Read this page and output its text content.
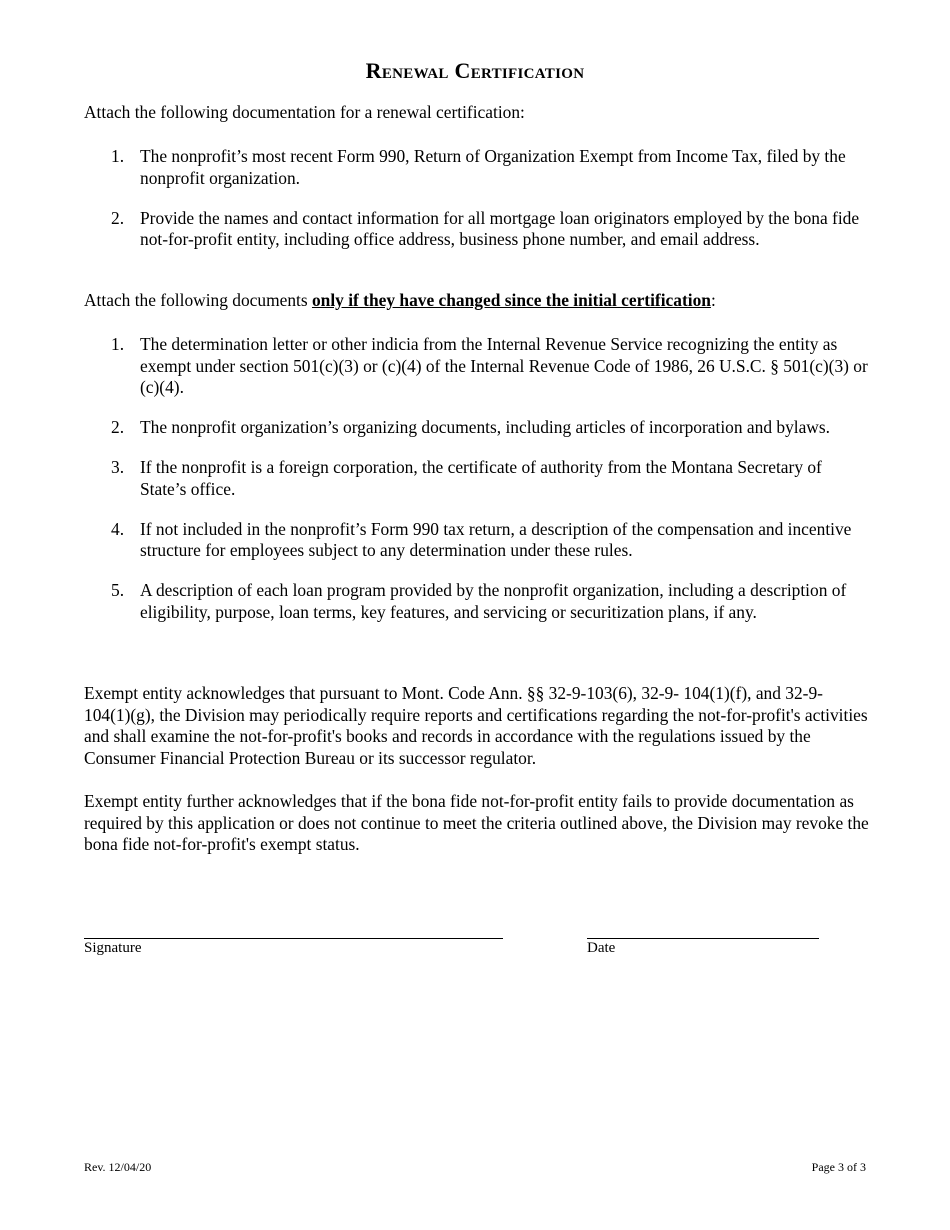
Renewal Certification

Attach the following documentation for a renewal certification:

1. The nonprofit’s most recent Form 990, Return of Organization Exempt from Income Tax, filed by the nonprofit organization.
2. Provide the names and contact information for all mortgage loan originators employed by the bona fide not-for-profit entity, including office address, business phone number, and email address.

Attach the following documents only if they have changed since the initial certification:

1. The determination letter or other indicia from the Internal Revenue Service recognizing the entity as exempt under section 501(c)(3) or (c)(4) of the Internal Revenue Code of 1986, 26 U.S.C. § 501(c)(3) or (c)(4).
2. The nonprofit organization’s organizing documents, including articles of incorporation and bylaws.
3. If the nonprofit is a foreign corporation, the certificate of authority from the Montana Secretary of State’s office.
4. If not included in the nonprofit’s Form 990 tax return, a description of the compensation and incentive structure for employees subject to any determination under these rules.
5. A description of each loan program provided by the nonprofit organization, including a description of eligibility, purpose, loan terms, key features, and servicing or securitization plans, if any.

Exempt entity acknowledges that pursuant to Mont. Code Ann. §§ 32-9-103(6), 32-9- 104(1)(f), and 32-9-104(1)(g), the Division may periodically require reports and certifications regarding the not-for-profit's activities and shall examine the not-for-profit's books and records in accordance with the regulations issued by the Consumer Financial Protection Bureau or its successor regulator.

Exempt entity further acknowledges that if the bona fide not-for-profit entity fails to provide documentation as required by this application or does not continue to meet the criteria outlined above, the Division may revoke the bona fide not-for-profit's exempt status.

Signature	Date
Rev. 12/04/20	Page 3 of 3
